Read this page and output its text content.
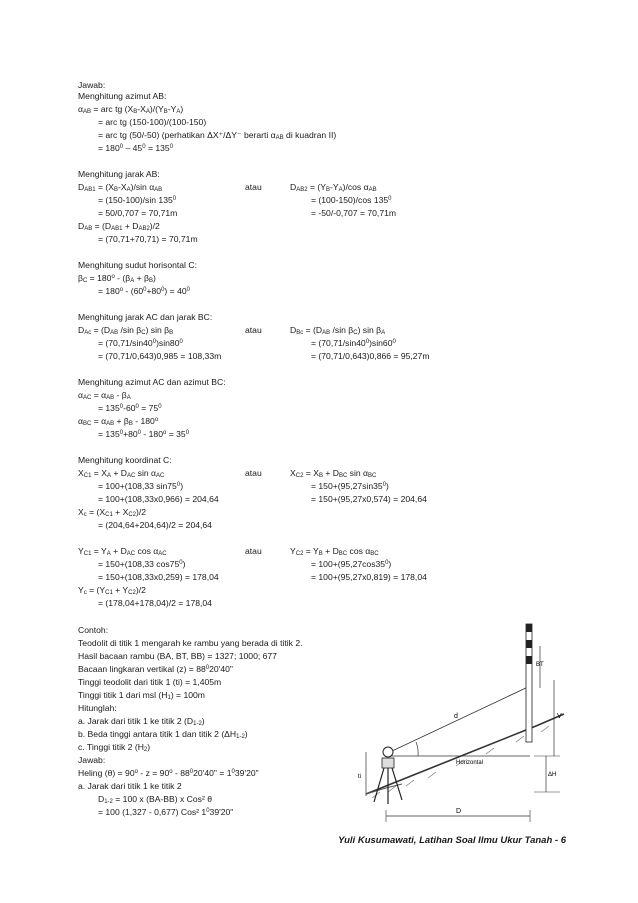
Jawab:
Menghitung azimut AB:
$\alpha_{AB}$ = arc tg $(X_B-X_A)/(Y_B-Y_A)$
= arc tg (150-100)/(100-150)
= arc tg (50/-50) (perhatikan ΔX⁺/ΔY⁻ berarti $\alpha_{AB}$ di kuadran II)
= $180^0 - 45^0 = 135^0$
Menghitung jarak AB:
$D_{AB1} = (X_B-X_A)/\sin$ $\alpha_{AB}$	atau	$D_{AB2} = (Y_B-Y_A)/\cos$ $\alpha_{AB}$
= (150-100)/sin $135^0$	= (100-150)/cos $135^0$
= 50/0,707 = 70,71m	= -50/-0,707 = 70,71m
$D_{AB} = (D_{AB1} + D_{AB2})/2$
= (70,71+70,71) = 70,71m
Menghitung sudut horisontal C:
$\beta_C = 180^o - (\beta_A + \beta_B)$
= $180^o - (60^0+80^0) = 40^0$
Menghitung jarak AC dan jarak BC:
$D_{Ac} = (D_{AB}$ /sin $\beta_C$) $\sin \beta_B$	atau	$D_{Bc} = (D_{AB}$ /sin $\beta_C$) $\sin \beta_A$
= $(70,71/\sin 40^0)\sin 80^0$	= $(70,71/\sin 40^0)\sin 60^0$
= (70,71/0,643)0,985 = 108,33m	= (70,71/0,643)0,866 = 95,27m
Menghitung azimut AC dan azimut BC:
$\alpha_{AC} = \alpha_{AB} - \beta_A$
= $135^0-60^0 = 75^0$
$\alpha_{BC} = \alpha_{AB} + \beta_B - 180^o$
= $135^0+80^0 - 180^o = 35^0$
Menghitung koordinat C:
$X_{C1} = X_A + D_{AC}$ $\sin \alpha_{AC}$	atau	$X_{C2} = X_B + D_{BC}$ $\sin \alpha_{BC}$
= 100+(108,33 $\sin 75^0$)	= $150+(95,27\sin 35^0)$
= 100+(108,33x0,966) = 204,64	= 150+(95,27x0,574) = 204,64
$X_c = (X_{C1} + X_{C2})/2$
= (204,64+204,64)/2 = 204,64
$Y_{C1} = Y_A + D_{AC}$ $\cos \alpha_{AC}$	atau	$Y_{C2} = Y_B + D_{BC}$ $\cos \alpha_{BC}$
= 150+(108,33 $\cos 75^0$)	= $100+(95,27\cos 35^0)$
= 150+(108,33x0,259) = 178,04	= 100+(95,27x0,819) = 178,04
$Y_c = (Y_{C1} + Y_{C2})/2$
= (178,04+178,04)/2 = 178,04
Contoh:
Teodolit di titik 1 mengarah ke rambu yang berada di titik 2.
Hasil bacaan rambu (BA, BT, BB) = 1327; 1000; 677
Bacaan lingkaran vertikal $(z) = 88^020'40$"
Tinggi teodolit dari titik 1 (ti) = 1,405m
Tinggi titik 1 dari msl $(H_1) = 100m$
Hitunglah:
a. Jarak dari titik 1 ke titik 2 $(D_{1-2})$
b. Beda tinggi antara titik 1 dan titik 2 $(\Delta H_{1-2})$
c. Tinggi titik 2 $(H_2)$
Jawab:
Heling $(\theta) = 90^o - z = 90^o - 88^020'40$" = $1^039'20$"
a. Jarak dari titik 1 ke titik 2
$D_{1-2} = 100$ x (BA-BB) x Cos² θ
= 100 (1,327 - 0,677) Cos² $1^039'20$"
d
Horizontal
BT
V
ΔH
D
ti
Yuli Kusumawati, Latihan Soal Ilmu Ukur Tanah - 6
